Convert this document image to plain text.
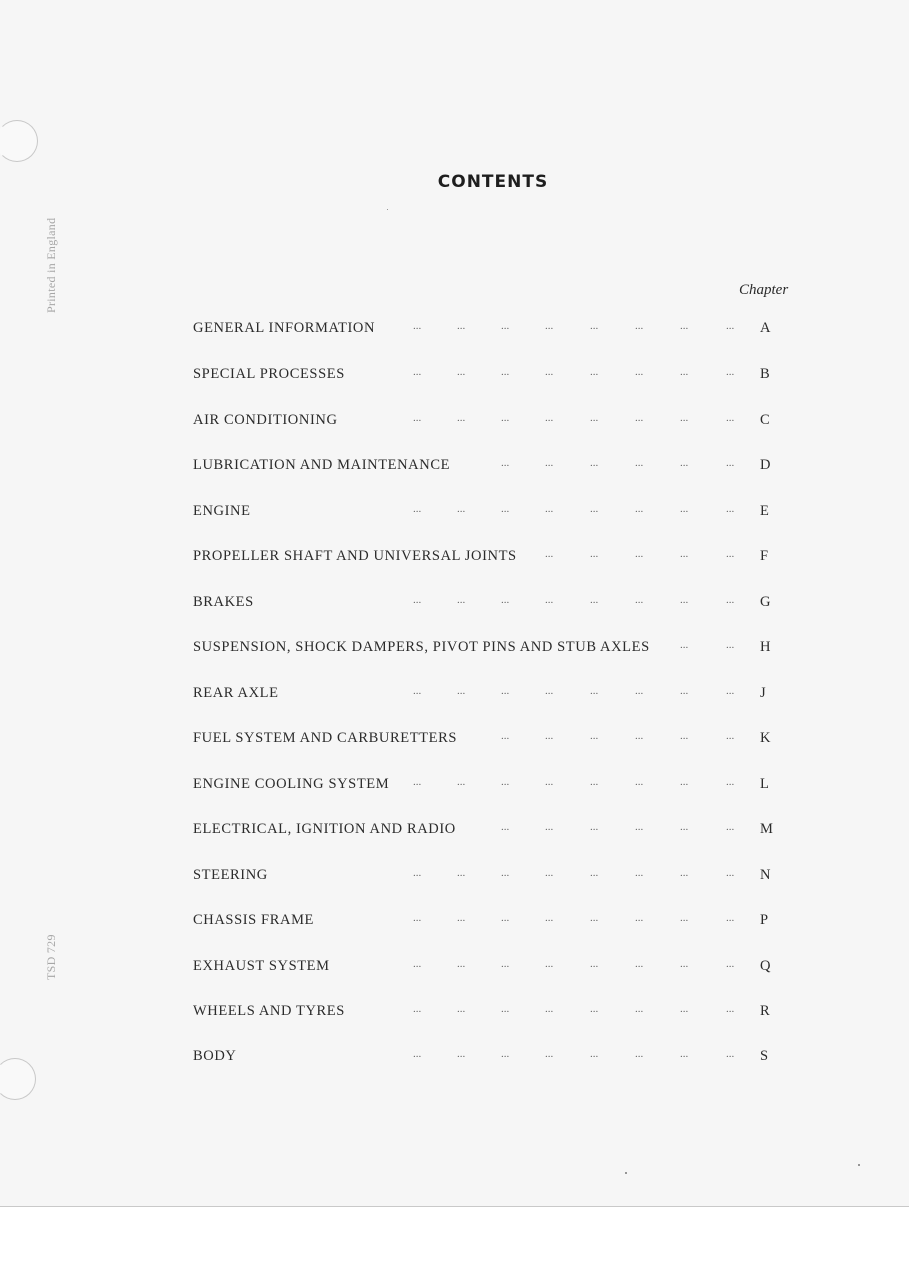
Printed in England
TSD 729
CONTENTS
Chapter
GENERAL INFORMATION	A
...	...	...	...	...	...	...	...
SPECIAL PROCESSES	B
...	...	...	...	...	...	...	...
AIR CONDITIONING	C
...	...	...	...	...	...	...	...
LUBRICATION AND MAINTENANCE	D
...	...	...	...	...	...
ENGINE	E
...	...	...	...	...	...	...	...
PROPELLER SHAFT AND UNIVERSAL JOINTS	F
...	...	...	...	...
BRAKES	G
...	...	...	...	...	...	...	...
SUSPENSION, SHOCK DAMPERS, PIVOT PINS AND STUB AXLES	H
...	...
REAR AXLE	J
...	...	...	...	...	...	...	...
FUEL SYSTEM AND CARBURETTERS	K
...	...	...	...	...	...
ENGINE COOLING SYSTEM	L
...	...	...	...	...	...	...	...
ELECTRICAL, IGNITION AND RADIO	M
...	...	...	...	...	...
STEERING	N
...	...	...	...	...	...	...	...
CHASSIS FRAME	P
...	...	...	...	...	...	...	...
EXHAUST SYSTEM	Q
...	...	...	...	...	...	...	...
WHEELS AND TYRES	R
...	...	...	...	...	...	...	...
BODY	S
...	...	...	...	...	...	...	...
